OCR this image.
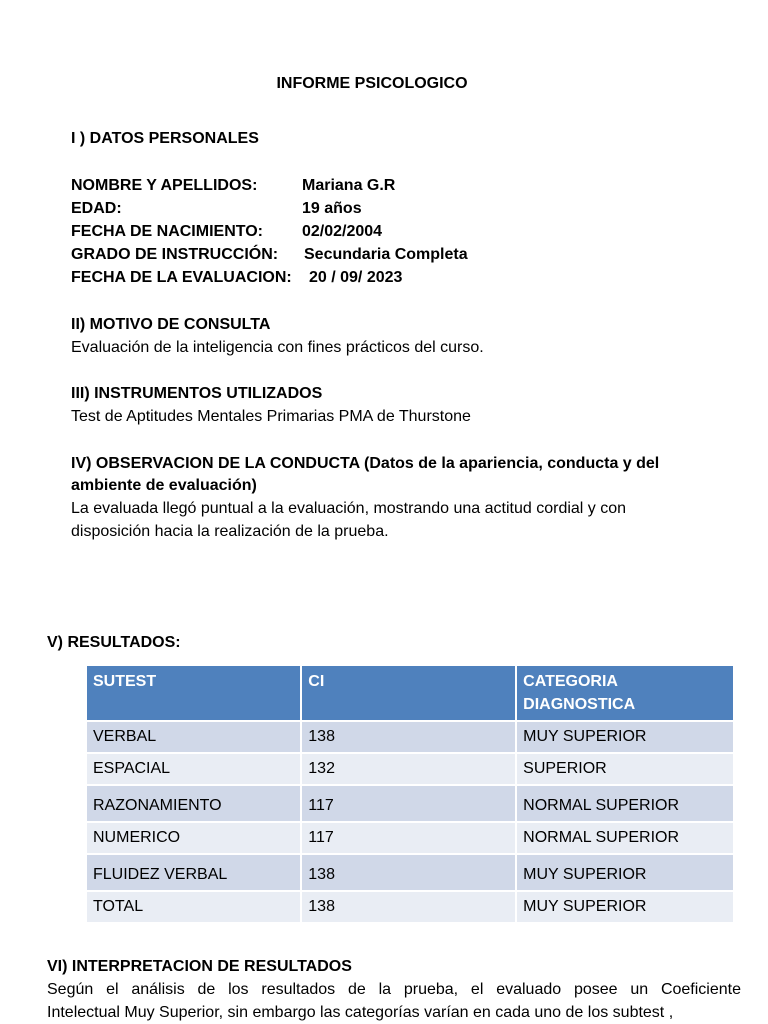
INFORME PSICOLOGICO
I ) DATOS PERSONALES
NOMBRE Y APELLIDOS:	Mariana G.R
EDAD:	19 años
FECHA DE NACIMIENTO: 02/02/2004
GRADO DE INSTRUCCIÓN: Secundaria Completa
FECHA DE LA EVALUACION: 20 / 09/ 2023
II) MOTIVO DE CONSULTA
Evaluación de la inteligencia con fines prácticos del curso.
III) INSTRUMENTOS UTILIZADOS
Test de Aptitudes Mentales Primarias PMA de Thurstone
IV) OBSERVACION DE LA CONDUCTA (Datos de la apariencia, conducta y del
ambiente de evaluación)
La evaluada llegó puntual a la evaluación, mostrando una actitud cordial y con
disposición hacia la realización de la prueba.
V) RESULTADOS:
SUTEST	CI	CATEGORIA
DIAGNOSTICA
VERBAL	138	MUY SUPERIOR
ESPACIAL	132	SUPERIOR
RAZONAMIENTO	117	NORMAL SUPERIOR
NUMERICO	117	NORMAL SUPERIOR
FLUIDEZ VERBAL	138	MUY SUPERIOR
TOTAL	138	MUY SUPERIOR
VI) INTERPRETACION DE RESULTADOS
Según el análisis de los resultados de la prueba, el evaluado posee un Coeficiente
Intelectual Muy Superior, sin embargo las categorías varían en cada uno de los subtest ,
